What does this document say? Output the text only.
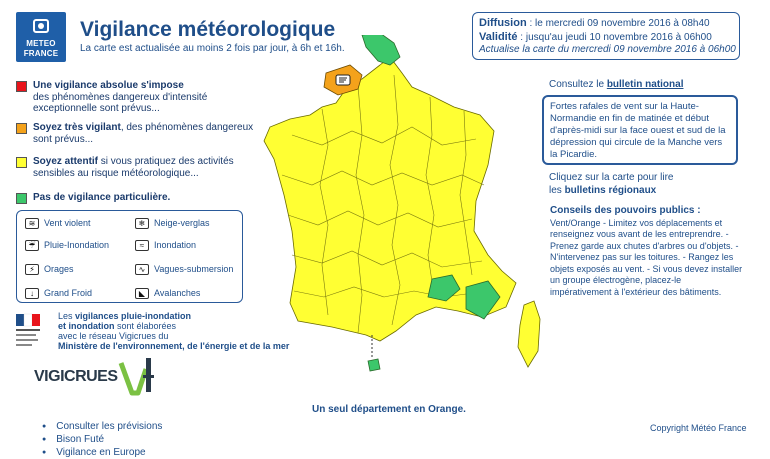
METEO
FRANCE
Vigilance météorologique
La carte est actualisée au moins 2 fois par jour, à 6h et 16h.
Diffusion : le mercredi 09 novembre 2016 à 08h40
Validité : jusqu'au jeudi 10 novembre 2016 à 06h00
Actualise la carte du mercredi 09 novembre 2016 à 06h00
Une vigilance absolue s'impose
des phénomènes dangereux d'intensité exceptionnelle sont prévus...
Soyez très vigilant, des phénomènes dangereux sont prévus...
Soyez attentif si vous pratiquez des activités sensibles au risque météorologique...
Pas de vigilance particulière.
≋ Vent violent	❄ Neige-verglas
☔ Pluie-Inondation	≈ Inondation
⚡ Orages	∿ Vagues-submersion
↓ Grand Froid	◣ Avalanches
Les vigilances pluie-inondation
et inondation sont élaborées
avec le réseau Vigicrues du
Ministère de l'environnement, de l'énergie et de la mer
VIGICRUES
Un seul département en Orange.
Consultez le bulletin national
Fortes rafales de vent sur la Haute-Normandie en fin de matinée et début d'après-midi sur la face ouest et sud de la dépression qui circule de la Manche vers la Picardie.
Cliquez sur la carte pour lire
les bulletins régionaux
Conseils des pouvoirs publics :
Vent/Orange - Limitez vos déplacements et renseignez vous avant de les entreprendre. - Prenez garde aux chutes d'arbres ou d'objets. - N'intervenez pas sur les toitures. - Rangez les objets exposés au vent. - Si vous devez installer un groupe électrogène, placez-le impérativement à l'extérieur des bâtiments.
Copyright Météo France
● Consulter les prévisions
● Bison Futé
● Vigilance en Europe
